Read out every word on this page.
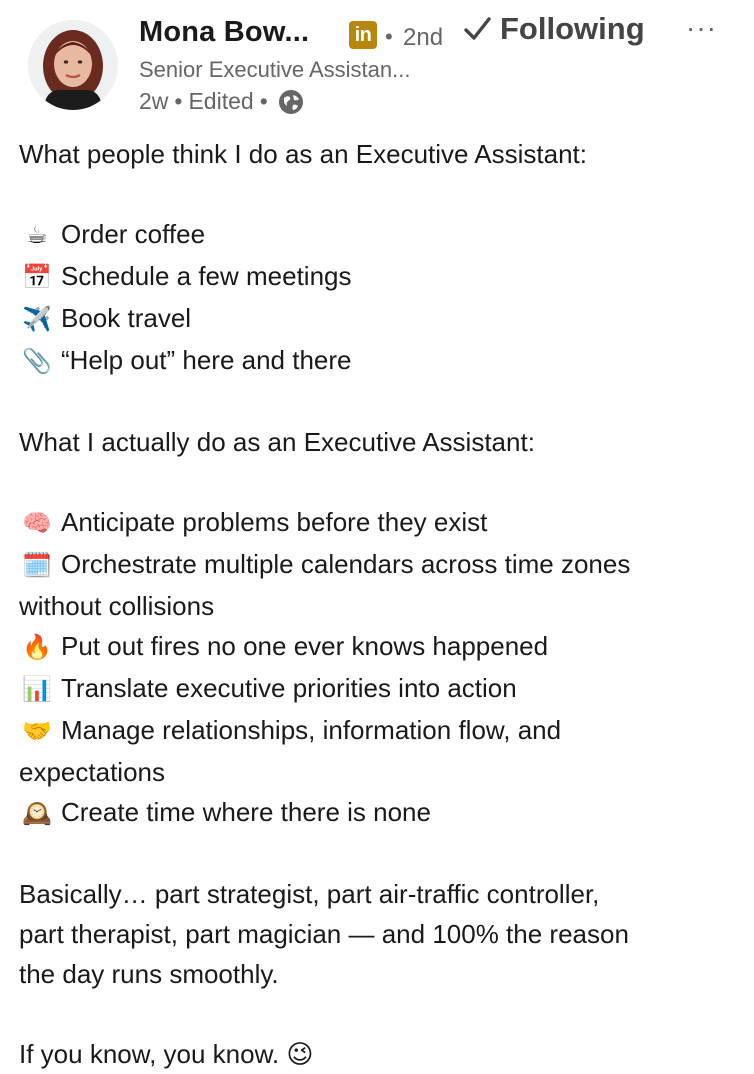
Mona Bow... in • 2nd Following ···
Senior Executive Assistan...
2w • Edited •
What people think I do as an Executive Assistant:
☕ Order coffee
📅 Schedule a few meetings
✈️ Book travel
📎 “Help out” here and there
What I actually do as an Executive Assistant:
🧠 Anticipate problems before they exist
🗓️ Orchestrate multiple calendars across time zones
without collisions
🔥 Put out fires no one ever knows happened
📊 Translate executive priorities into action
🤝 Manage relationships, information flow, and
expectations
🕰️ Create time where there is none
Basically… part strategist, part air-traffic controller,
part therapist, part magician — and 100% the reason
the day runs smoothly.
If you know, you know. 😉
